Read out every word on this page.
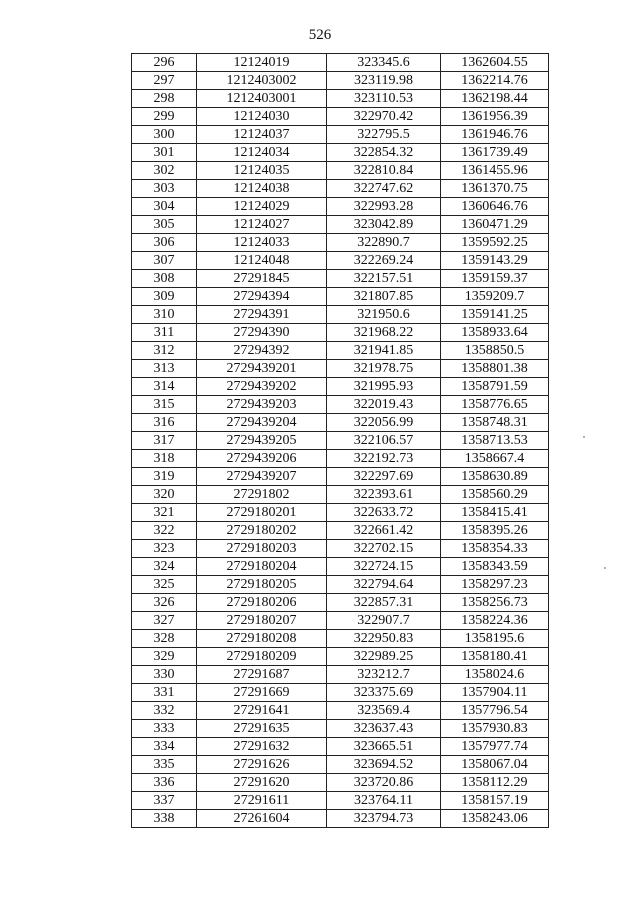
526
296	12124019	323345.6	1362604.55
297	1212403002	323119.98	1362214.76
298	1212403001	323110.53	1362198.44
299	12124030	322970.42	1361956.39
300	12124037	322795.5	1361946.76
301	12124034	322854.32	1361739.49
302	12124035	322810.84	1361455.96
303	12124038	322747.62	1361370.75
304	12124029	322993.28	1360646.76
305	12124027	323042.89	1360471.29
306	12124033	322890.7	1359592.25
307	12124048	322269.24	1359143.29
308	27291845	322157.51	1359159.37
309	27294394	321807.85	1359209.7
310	27294391	321950.6	1359141.25
311	27294390	321968.22	1358933.64
312	27294392	321941.85	1358850.5
313	2729439201	321978.75	1358801.38
314	2729439202	321995.93	1358791.59
315	2729439203	322019.43	1358776.65
316	2729439204	322056.99	1358748.31
317	2729439205	322106.57	1358713.53
318	2729439206	322192.73	1358667.4
319	2729439207	322297.69	1358630.89
320	27291802	322393.61	1358560.29
321	2729180201	322633.72	1358415.41
322	2729180202	322661.42	1358395.26
323	2729180203	322702.15	1358354.33
324	2729180204	322724.15	1358343.59
325	2729180205	322794.64	1358297.23
326	2729180206	322857.31	1358256.73
327	2729180207	322907.7	1358224.36
328	2729180208	322950.83	1358195.6
329	2729180209	322989.25	1358180.41
330	27291687	323212.7	1358024.6
331	27291669	323375.69	1357904.11
332	27291641	323569.4	1357796.54
333	27291635	323637.43	1357930.83
334	27291632	323665.51	1357977.74
335	27291626	323694.52	1358067.04
336	27291620	323720.86	1358112.29
337	27291611	323764.11	1358157.19
338	27261604	323794.73	1358243.06
